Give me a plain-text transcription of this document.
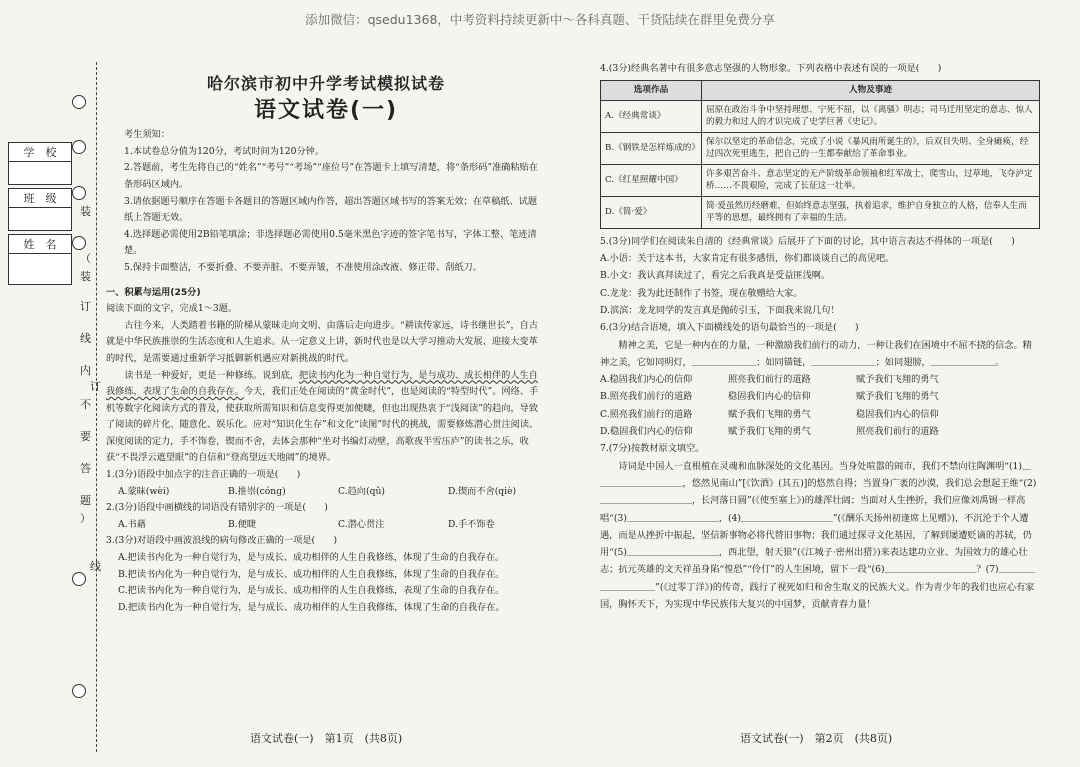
添加微信：qsedu1368，中考资料持续更新中～各科真题、干货陆续在群里免费分享
学　校
班　级
姓　名
装
（
装
订
线
内
订
不
要
答
题
）
线
哈尔滨市初中升学考试模拟试卷
语文试卷(一)

考生须知：

1.本试卷总分值为120分，考试时间为120分钟。

2.答题前，考生先将自己的“姓名”“考号”“考场”“座位号”在答题卡上填写清楚，将“条形码”准确粘贴在条形码区域内。

3.请依据题号顺序在答题卡各题目的答题区域内作答，超出答题区域书写的答案无效；在草稿纸、试题纸上答题无效。

4.选择题必需使用2B铅笔填涂；非选择题必需使用0.5毫米黑色字迹的签字笔书写，字体工整、笔迹清楚。

5.保持卡面整洁，不要折叠、不要弄脏、不要弄皱，不准使用涂改液、修正带、刮纸刀。

一、积累与运用(25分)

阅读下面的文字，完成1～3题。

古往今来，人类踏着书籍的阶梯从蒙昧走向文明、由落后走向进步。“耕读传家远，诗书继世长”，自古就是中华民族推崇的生活态度和人生追求。从一定意义上讲，新时代也是以大学习推动大发展、迎接大变革的时代，是需要通过重新学习抵御新机遇应对新挑战的时代。

读书是一种爱好，更是一种修练。说到底，把读书内化为一种自觉行为，是与成功、成长相伴的人生自我修练，表现了生命的自我存在。今天，我们正处在阅读的“黄金时代”，也是阅读的“特型时代”。网络、手机等数字化阅读方式的普及，使获取所需知识和信息变得更加便睫，但也出现热衷于“浅阅读”的趋向，导致了阅读的碎片化、随意化、娱乐化。应对“知识化生存”和文化“读图”时代的挑战，需要修炼潜心贯注阅读、深度阅读的定力，手不饰卷，锲而不舍，去体会那种“坐对书编灯动壁，高歌夜半雪压庐”的读书之乐，收获“不畏浮云遮望眼”的自信和“登高望远天地阔”的境界。

1.(3分)语段中加点字的注音正确的一项是(　　)

A.蒙昧(wèi)	B.推崇(cóng)	C.趋向(qǔ)	D.锲而不舍(qiè)

2.(3分)语段中画横线的词语没有错别字的一项是(　　)

A.书藉	B.便睫	C.潜心贯注	D.手不饰卷

3.(3分)对语段中画波浪线的病句修改正确的一项是(　　)

A.把读书内化为一种自觉行为，是与成长、成功相伴的人生自我修练，体现了生命的自我存在。

B.把读书内化为一种自觉行为，是与成长、成功相伴的人生自我修练，体现了生命的自我存在。

C.把读书内化为一种自觉行为，是与成长、成功相伴的人生自我修练，表现了生命的自我存在。

D.把读书内化为一种自觉行为，是与成长、成功相伴的人生自我修练，体现了生命的自我存在。

语文试卷(一)　第1页　(共8页)

4.(3分)经典名著中有很多意志坚强的人物形象。下列表格中表述有误的一项是(　　)

选项作品	人物及事迹
A.《经典常谈》	屈原在政治斗争中坚持理想、宁死不屈，以《离骚》明志；司马迁用坚定的意志、惊人的毅力和过人的才识完成了史学巨著《史记》。
B.《钢铁是怎样炼成的》	保尔以坚定的革命信念，完成了小说《暴风雨所诞生的》，后双目失明、全身瘫痪，经过四次死里逃生，把自己的一生都奉献给了革命事业。
C.《红星照耀中国》	许多艰苦奋斗、意志坚定的无产阶级革命领袖和红军战士，爬雪山，过草地，飞夺泸定桥……不畏艰险，完成了长征这一壮举。
D.《简·爱》	简·爱虽然历经磨难，但始终意志坚强，执着追求，维护自身独立的人格，信奉人生而平等的思想，最终拥有了幸福的生活。

5.(3分)同学们在阅读朱自清的《经典常谈》后展开了下面的讨论，其中语言表达不得体的一项是(　　)

A.小语：关于这本书，大家肯定有很多感悟，你们都谈谈自己的高见吧。

B.小文：我认真拜读过了，看完之后我真是受益匪浅啊。

C.龙龙：我为此还制作了书签，现在敬赠给大家。

D.滨滨：龙龙同学的发言真是抛砖引玉，下面我来说几句！

6.(3分)结合语境，填入下面横线处的语句最恰当的一项是(　　)

精神之美，它是一种内在的力量，一种激励我们前行的动力，一种让我们在困境中不屈不挠的信念。精神之美，它如同明灯，＿＿＿＿＿＿＿；如同锚链，＿＿＿＿＿＿＿；如同翅膀，＿＿＿＿＿＿＿。

A.稳固我们内心的信仰	照亮我们前行的道路	赋予我们飞翔的勇气
B.照亮我们前行的道路	稳固我们内心的信仰	赋予我们飞翔的勇气
C.照亮我们前行的道路	赋予我们飞翔的勇气	稳固我们内心的信仰
D.稳固我们内心的信仰	赋予我们飞翔的勇气	照亮我们前行的道路

7.(7分)按教材原文填空。

诗词是中国人一直根植在灵魂和血脉深处的文化基因。当身处喧嚣的闹市，我们不禁向往陶渊明“(1)＿＿＿＿＿＿＿＿＿＿，悠然见南山”[《饮酒》(其五)]的悠然自得；当置身广袤的沙漠，我们总会想起王维“(2)＿＿＿＿＿＿＿＿＿＿，长河落日圆”(《使至塞上》)的雄浑壮阔；当面对人生挫折，我们应像刘禹锡一样高唱“(3)＿＿＿＿＿＿＿＿＿＿，(4)＿＿＿＿＿＿＿＿＿＿”(《酬乐天扬州初逢席上见赠》)，不沉沦于个人遭遇，而是从挫折中振起，坚信新事物必将代替旧事物；我们通过探寻文化基因，了解到屡遭贬谪的苏轼，仍用“(5)＿＿＿＿＿＿＿＿＿＿，西北望，射天狼”(《江城子·密州出猎》)来表达建功立业、为国效力的雄心壮志；抗元英雄的文天祥虽身陷“惶恐”“伶仃”的人生困境，留下一段“(6)＿＿＿＿＿＿＿＿＿＿？(7)＿＿＿＿＿＿＿＿＿＿”(《过零丁洋》)的传奇，践行了视死如归和舍生取义的民族大义。作为青少年的我们也应心有家国，胸怀天下，为实现中华民族伟大复兴的中国梦，贡献青春力量！

语文试卷(一)　第2页　(共8页)
